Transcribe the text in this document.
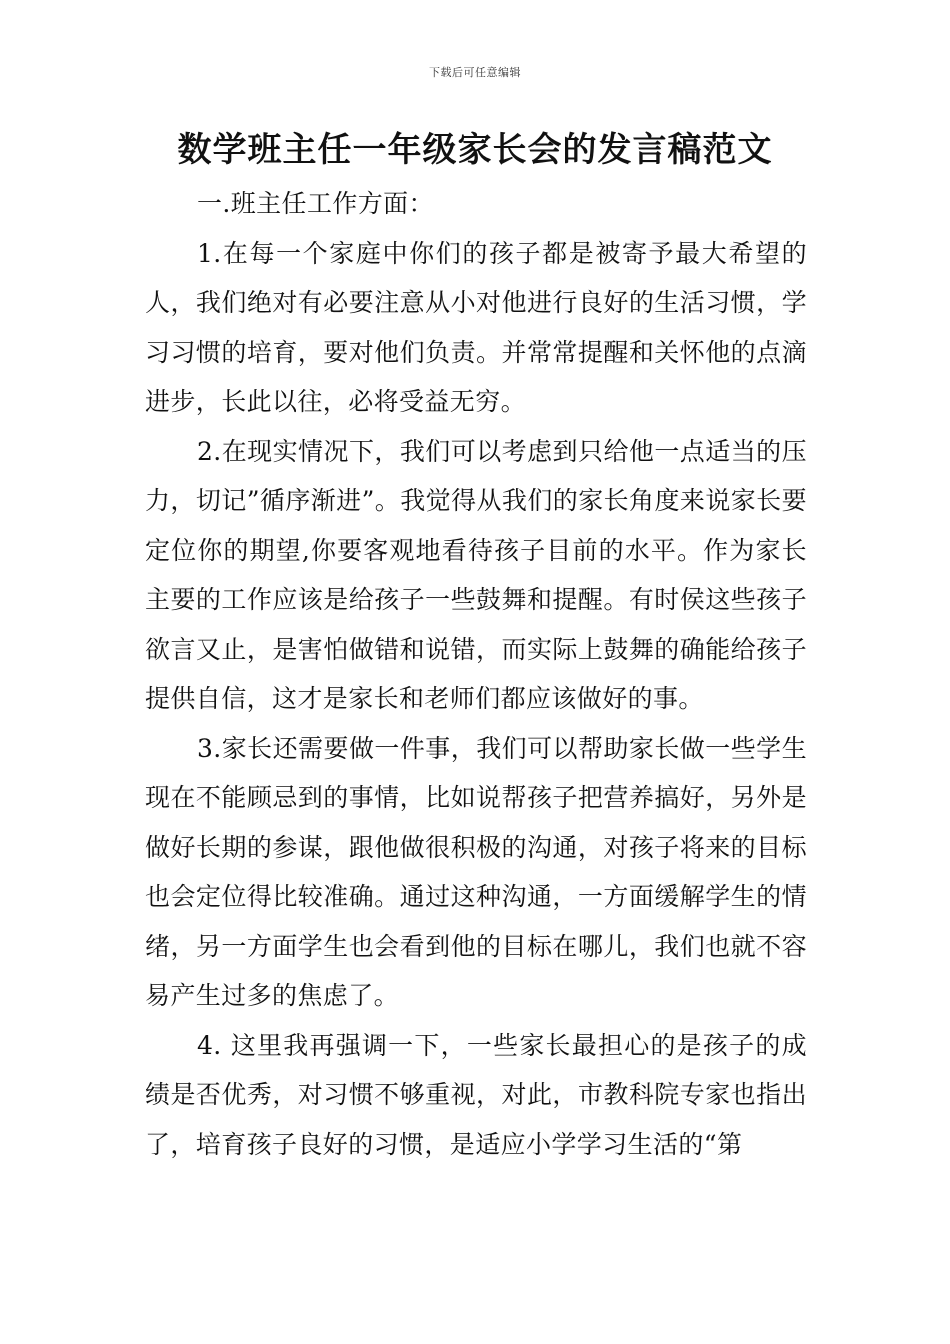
下载后可任意编辑
数学班主任一年级家长会的发言稿范文

一.班主任工作方面：

1.在每一个家庭中你们的孩子都是被寄予最大希望的人，我们绝对有必要注意从小对他进行良好的生活习惯，学习习惯的培育，要对他们负责。并常常提醒和关怀他的点滴进步，长此以往，必将受益无穷。

2.在现实情况下，我们可以考虑到只给他一点适当的压力，切记”循序渐进”。我觉得从我们的家长角度来说家长要定位你的期望,你要客观地看待孩子目前的水平。作为家长主要的工作应该是给孩子一些鼓舞和提醒。有时侯这些孩子欲言又止，是害怕做错和说错，而实际上鼓舞的确能给孩子提供自信，这才是家长和老师们都应该做好的事。

3.家长还需要做一件事，我们可以帮助家长做一些学生现在不能顾忌到的事情，比如说帮孩子把营养搞好，另外是做好长期的参谋，跟他做很积极的沟通，对孩子将来的目标也会定位得比较准确。通过这种沟通，一方面缓解学生的情绪，另一方面学生也会看到他的目标在哪儿，我们也就不容易产生过多的焦虑了。

4. 这里我再强调一下，一些家长最担心的是孩子的成绩是否优秀，对习惯不够重视，对此，市教科院专家也指出了，培育孩子良好的习惯，是适应小学学习生活的“第
